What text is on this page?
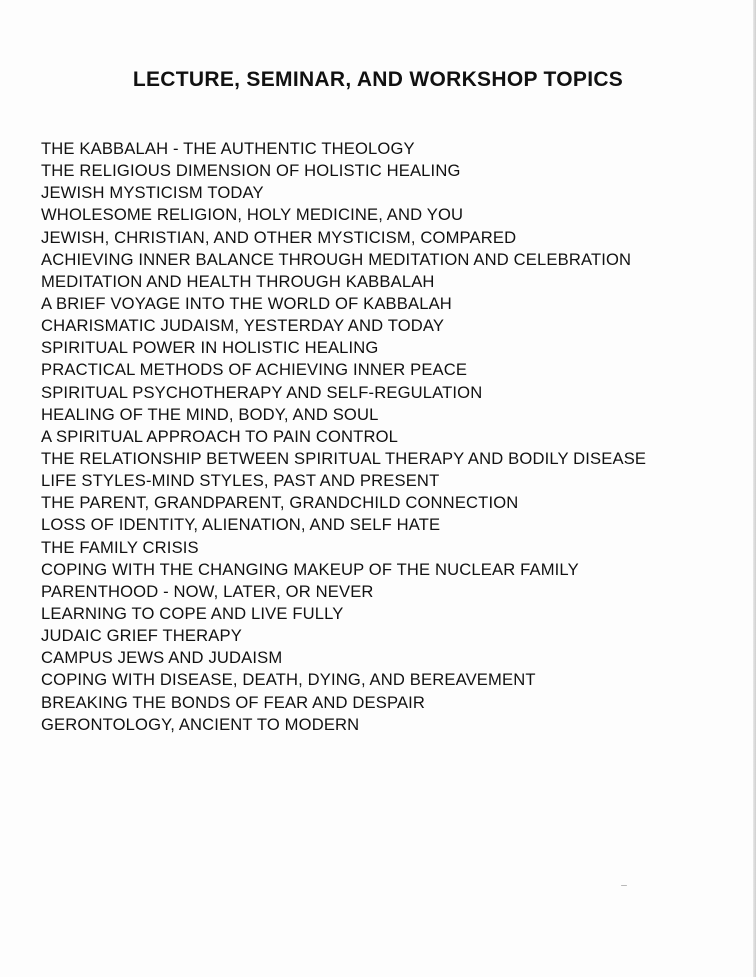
LECTURE, SEMINAR, AND WORKSHOP TOPICS
THE KABBALAH - THE AUTHENTIC THEOLOGY
THE RELIGIOUS DIMENSION OF HOLISTIC HEALING
JEWISH MYSTICISM TODAY
WHOLESOME RELIGION, HOLY MEDICINE, AND YOU
JEWISH, CHRISTIAN, AND OTHER MYSTICISM, COMPARED
ACHIEVING INNER BALANCE THROUGH MEDITATION AND CELEBRATION
MEDITATION AND HEALTH THROUGH KABBALAH
A BRIEF VOYAGE INTO THE WORLD OF KABBALAH
CHARISMATIC JUDAISM, YESTERDAY AND TODAY
SPIRITUAL POWER IN HOLISTIC HEALING
PRACTICAL METHODS OF ACHIEVING INNER PEACE
SPIRITUAL PSYCHOTHERAPY AND SELF-REGULATION
HEALING OF THE MIND, BODY, AND SOUL
A SPIRITUAL APPROACH TO PAIN CONTROL
THE RELATIONSHIP BETWEEN SPIRITUAL THERAPY AND BODILY DISEASE
LIFE STYLES-MIND STYLES, PAST AND PRESENT
THE PARENT, GRANDPARENT, GRANDCHILD CONNECTION
LOSS OF IDENTITY, ALIENATION, AND SELF HATE
THE FAMILY CRISIS
COPING WITH THE CHANGING MAKEUP OF THE NUCLEAR FAMILY
PARENTHOOD - NOW, LATER, OR NEVER
LEARNING TO COPE AND LIVE FULLY
JUDAIC GRIEF THERAPY
CAMPUS JEWS AND JUDAISM
COPING WITH DISEASE, DEATH, DYING, AND BEREAVEMENT
BREAKING THE BONDS OF FEAR AND DESPAIR
GERONTOLOGY, ANCIENT TO MODERN
